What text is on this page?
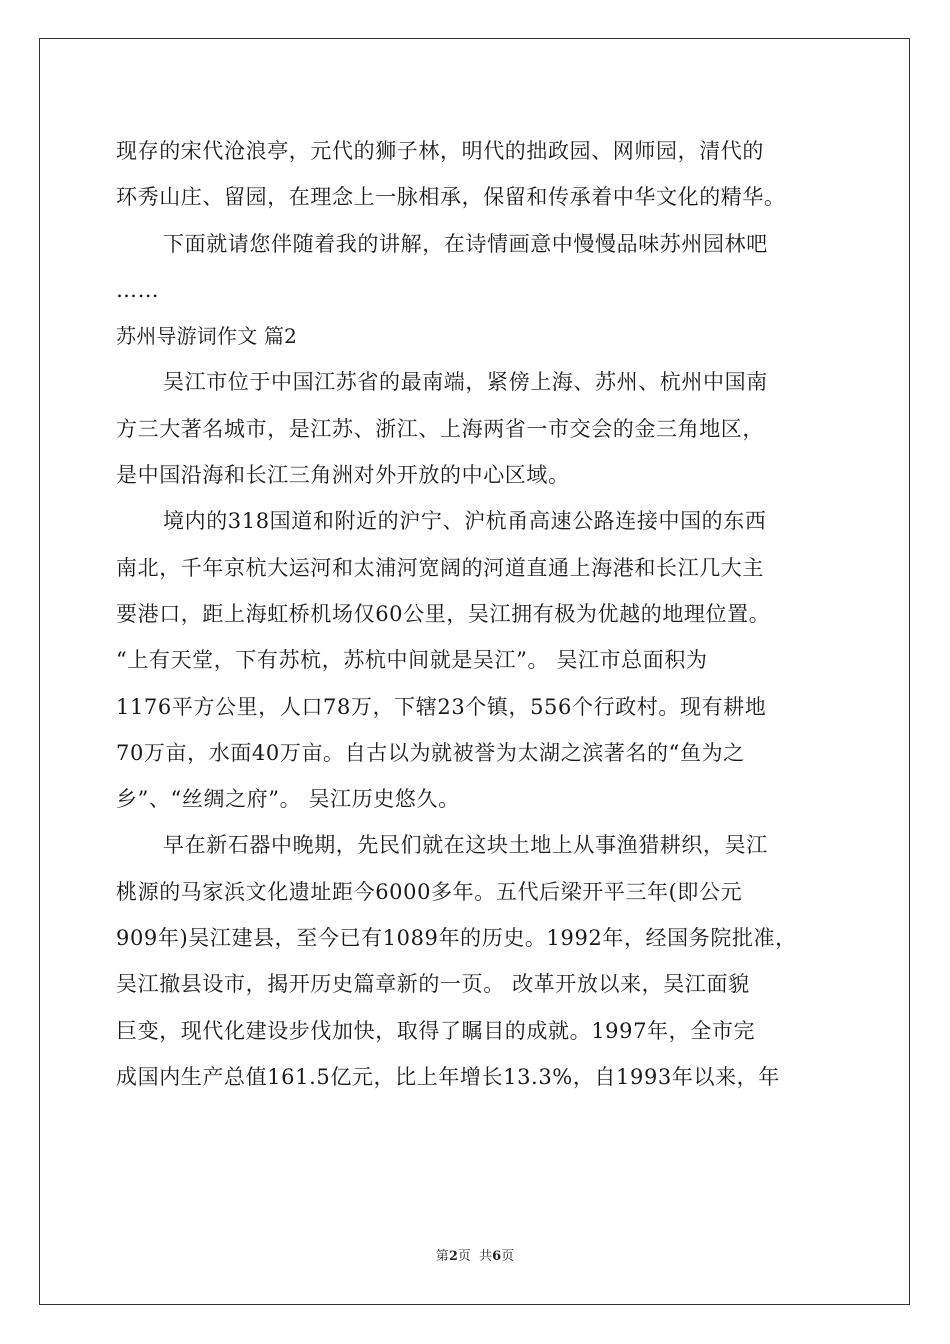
现存的宋代沧浪亭，元代的狮子林，明代的拙政园、网师园，清代的
环秀山庄、留园，在理念上一脉相承，保留和传承着中华文化的精华。
下面就请您伴随着我的讲解，在诗情画意中慢慢品味苏州园林吧
……
苏州导游词作文 篇2
吴江市位于中国江苏省的最南端，紧傍上海、苏州、杭州中国南
方三大著名城市，是江苏、浙江、上海两省一市交会的金三角地区，
是中国沿海和长江三角洲对外开放的中心区域。
境内的318国道和附近的沪宁、沪杭甬高速公路连接中国的东西
南北，千年京杭大运河和太浦河宽阔的河道直通上海港和长江几大主
要港口，距上海虹桥机场仅60公里，吴江拥有极为优越的地理位置。
“上有天堂，下有苏杭，苏杭中间就是吴江”。 吴江市总面积为
1176平方公里，人口78万，下辖23个镇，556个行政村。现有耕地
70万亩，水面40万亩。自古以为就被誉为太湖之滨著名的“鱼为之
乡”、“丝绸之府”。 吴江历史悠久。
早在新石器中晚期，先民们就在这块土地上从事渔猎耕织，吴江
桃源的马家浜文化遗址距今6000多年。五代后梁开平三年(即公元
909年)吴江建县，至今已有1089年的历史。1992年，经国务院批准，
吴江撤县设市，揭开历史篇章新的一页。 改革开放以来，吴江面貌
巨变，现代化建设步伐加快，取得了瞩目的成就。1997年，全市完
成国内生产总值161.5亿元，比上年增长13.3%，自1993年以来，年
第2页  共6页
